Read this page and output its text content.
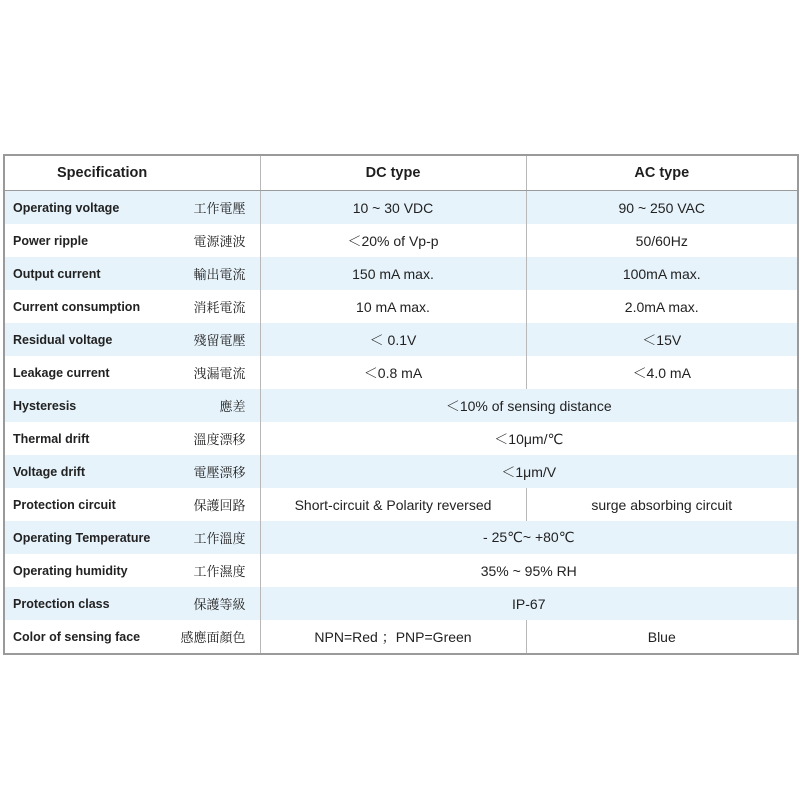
Specification		DC type	AC type
Operating voltage	工作電壓	10 ~ 30 VDC	90 ~ 250 VAC
Power ripple	電源漣波	＜20% of Vp-p	50/60Hz
Output current	輸出電流	150 mA max.	100mA max.
Current consumption	消耗電流	10 mA max.	2.0mA max.
Residual voltage	殘留電壓	＜ 0.1V	＜15V
Leakage current	洩漏電流	＜0.8 mA	＜4.0 mA
Hysteresis	應差	＜10% of sensing distance	
Thermal drift	溫度漂移	＜10μm/℃	
Voltage drift	電壓漂移	＜1μm/V	
Protection circuit	保護回路	Short-circuit & Polarity reversed	surge absorbing circuit
Operating Temperature	工作溫度	- 25℃~ +80℃	
Operating humidity	工作濕度	35% ~ 95% RH	
Protection class	保護等級	IP-67	
Color of sensing face	感應面顏色	NPN=Red ；PNP=Green	Blue
